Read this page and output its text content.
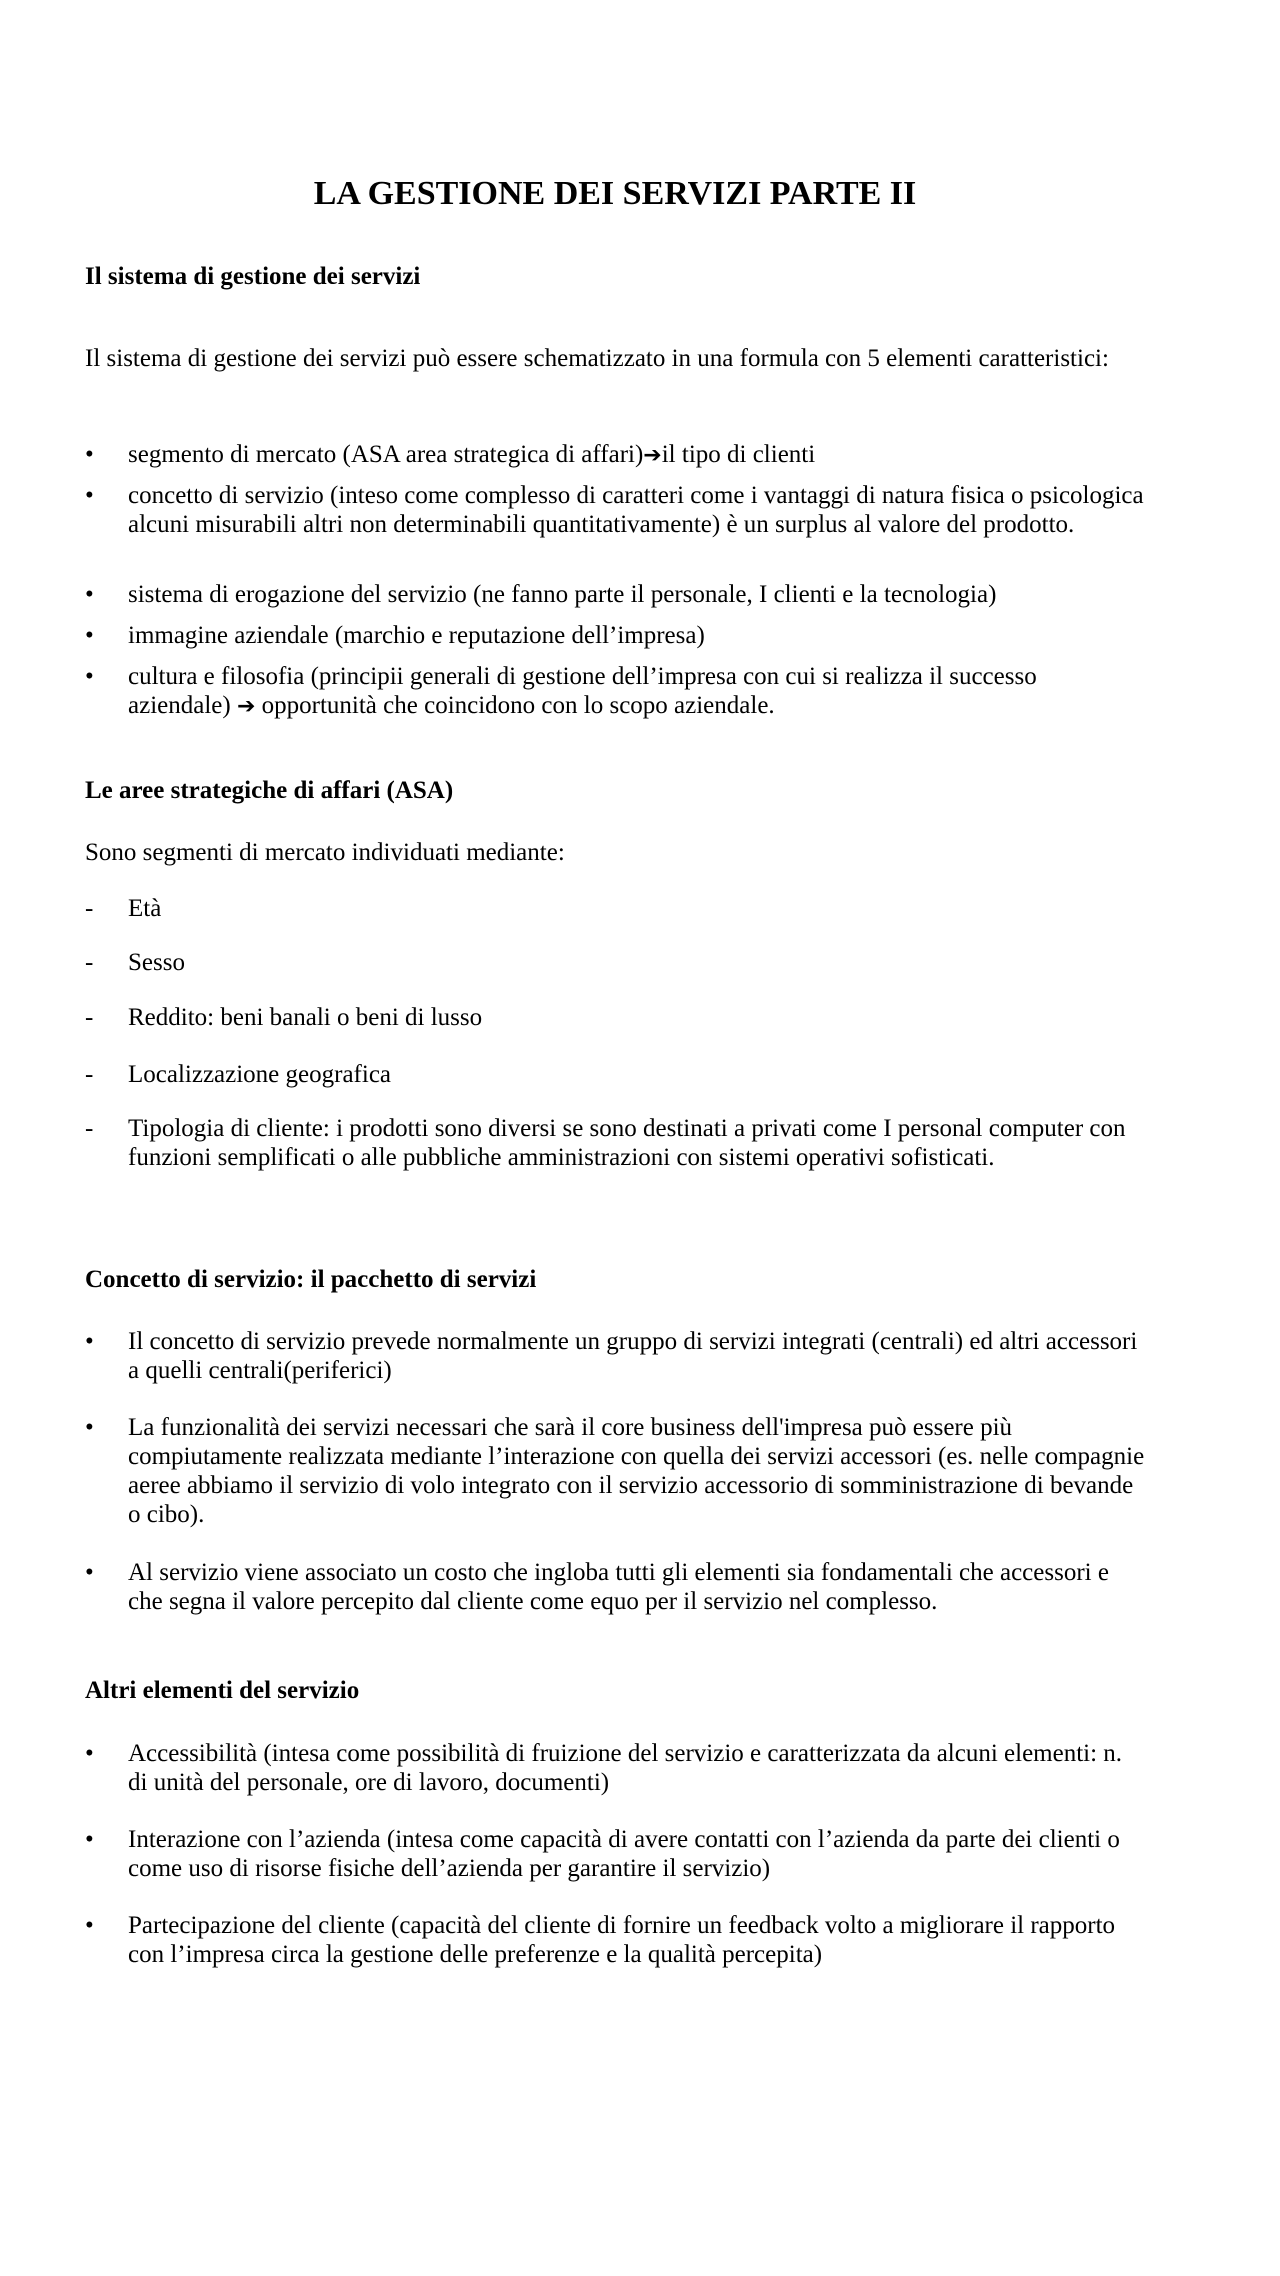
LA GESTIONE DEI SERVIZI PARTE II
Il sistema di gestione dei servizi

Il sistema di gestione dei servizi può essere schematizzato in una formula con 5 elementi caratteristici:

•	segmento di mercato (ASA area strategica di affari)➔il tipo di clienti
•	concetto di servizio (inteso come complesso di caratteri come i vantaggi di natura fisica o psicologica alcuni misurabili altri non determinabili quantitativamente) è un surplus al valore del prodotto.
•	sistema di erogazione del servizio (ne fanno parte il personale, I clienti e la tecnologia)
•	immagine aziendale (marchio e reputazione dell’impresa)
•	cultura e filosofia (principii generali di gestione dell’impresa con cui si realizza il successo aziendale) ➔ opportunità che coincidono con lo scopo aziendale.
Le aree strategiche di affari (ASA)

Sono segmenti di mercato individuati mediante:

-	Età
-	Sesso
-	Reddito: beni banali o beni di lusso
-	Localizzazione geografica
-	Tipologia di cliente: i prodotti sono diversi se sono destinati a privati come I personal computer con funzioni semplificati o alle pubbliche amministrazioni con sistemi operativi sofisticati.
Concetto di servizio: il pacchetto di servizi
•	Il concetto di servizio prevede normalmente un gruppo di servizi integrati (centrali) ed altri accessori a quelli centrali(periferici)
•	La funzionalità dei servizi necessari che sarà il core business dell'impresa può essere più compiutamente realizzata mediante l’interazione con quella dei servizi accessori (es. nelle compagnie aeree abbiamo il servizio di volo integrato con il servizio accessorio di somministrazione di bevande o cibo).
•	Al servizio viene associato un costo che ingloba tutti gli elementi sia fondamentali che accessori e che segna il valore percepito dal cliente come equo per il servizio nel complesso.
Altri elementi del servizio
•	Accessibilità (intesa come possibilità di fruizione del servizio e caratterizzata da alcuni elementi: n. di unità del personale, ore di lavoro, documenti)
•	Interazione con l’azienda (intesa come capacità di avere contatti con l’azienda da parte dei clienti o come uso di risorse fisiche dell’azienda per garantire il servizio)
•	Partecipazione del cliente (capacità del cliente di fornire un feedback volto a migliorare il rapporto con l’impresa circa la gestione delle preferenze e la qualità percepita)
